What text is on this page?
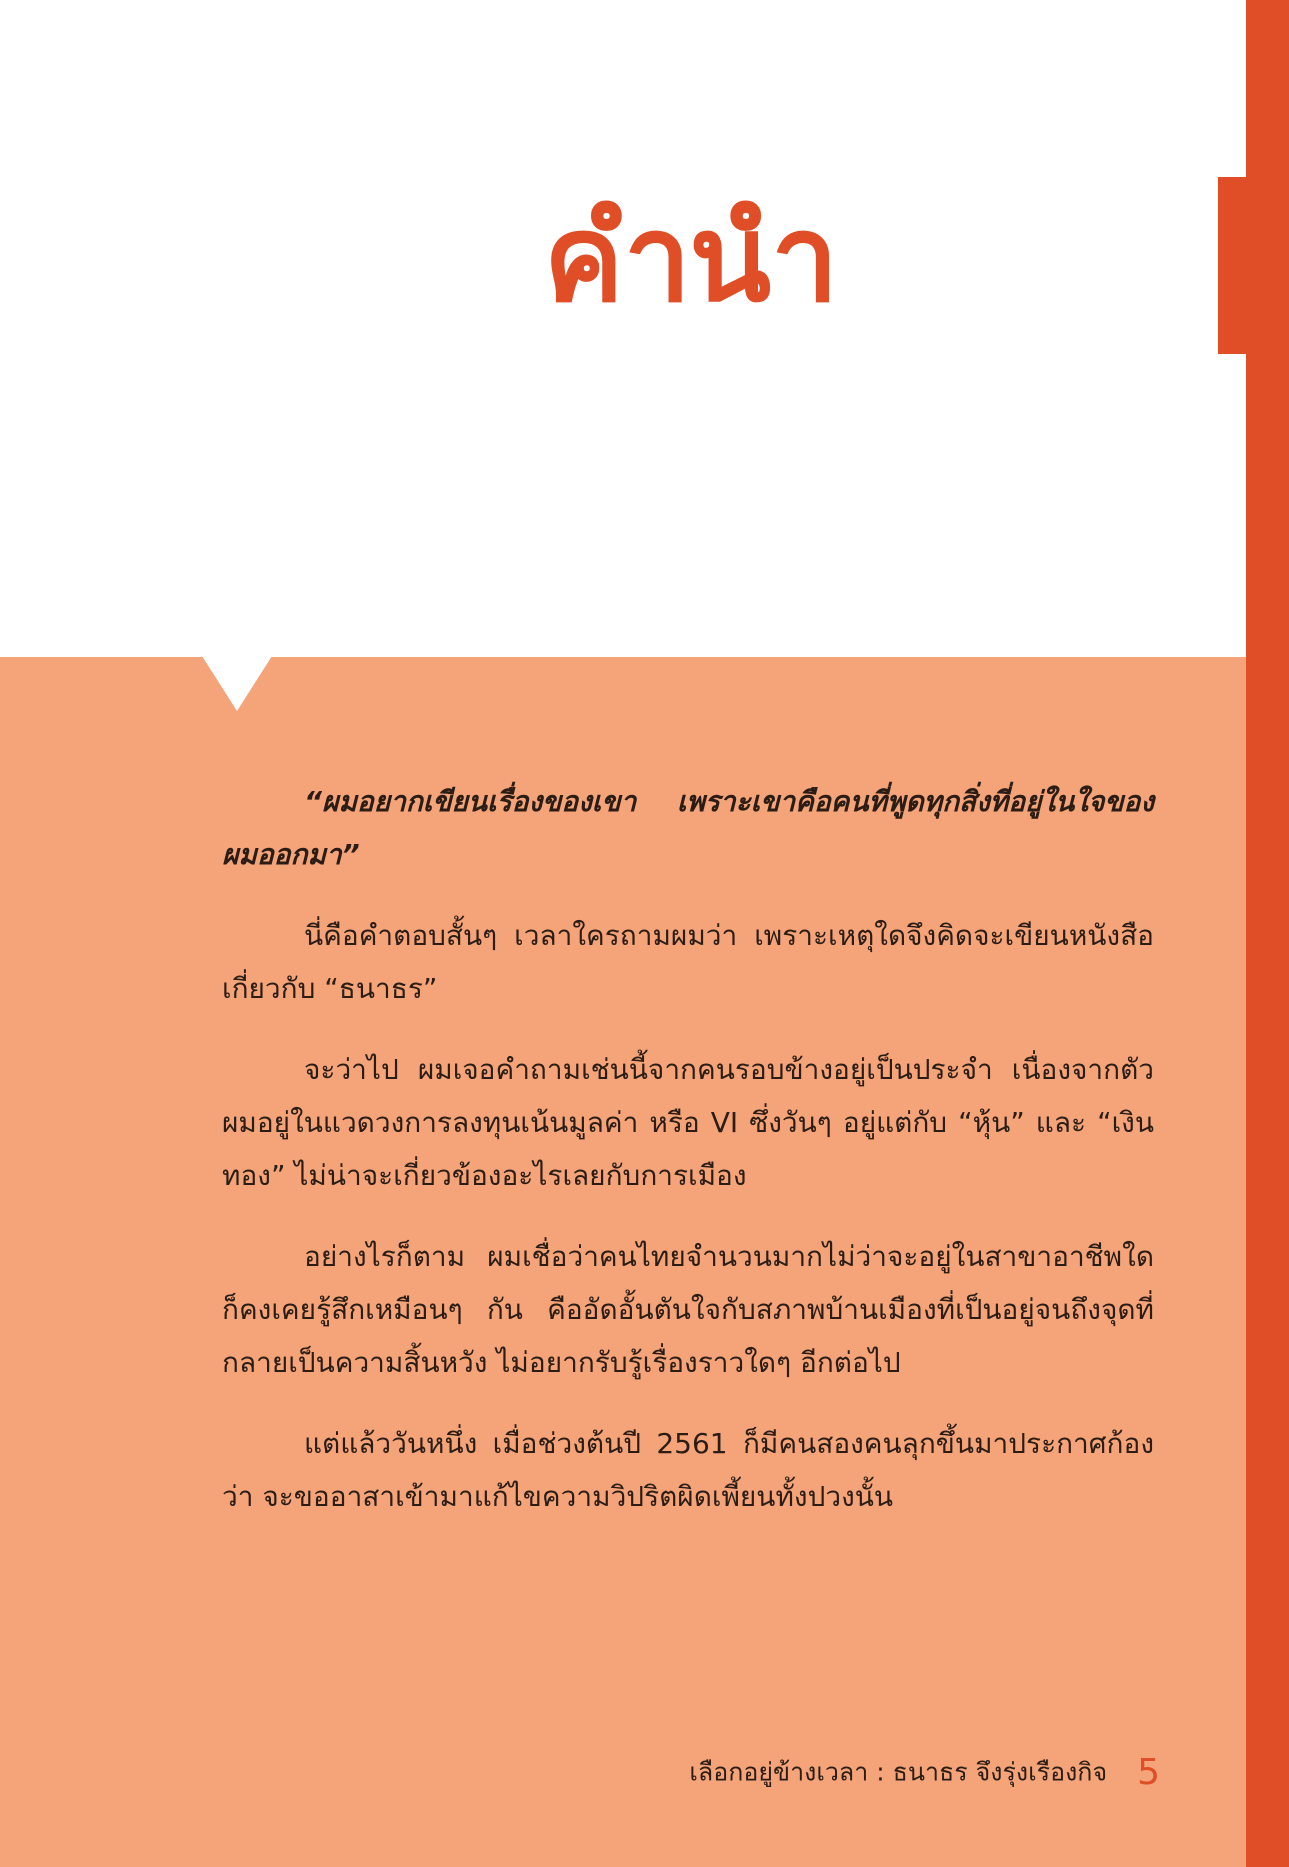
คำนำ

“ผมอยากเขียนเรื่องของเขา เพราะเขาคือคนที่พูดทุกสิ่งที่อยู่ในใจของผมออกมา”

นี่คือคำตอบสั้นๆ เวลาใครถามผมว่า เพราะเหตุใดจึงคิดจะเขียนหนังสือเกี่ยวกับ “ธนาธร”

จะว่าไป ผมเจอคำถามเช่นนี้จากคนรอบข้างอยู่เป็นประจำ เนื่องจากตัวผมอยู่ในแวดวงการลงทุนเน้นมูลค่า หรือ VI ซึ่งวันๆ อยู่แต่กับ “หุ้น” และ “เงินทอง” ไม่น่าจะเกี่ยวข้องอะไรเลยกับการเมือง

อย่างไรก็ตาม ผมเชื่อว่าคนไทยจำนวนมากไม่ว่าจะอยู่ในสาขาอาชีพใด ก็คงเคยรู้สึกเหมือนๆ กัน คืออัดอั้นตันใจกับสภาพบ้านเมืองที่เป็นอยู่จนถึงจุดที่กลายเป็นความสิ้นหวัง ไม่อยากรับรู้เรื่องราวใดๆ อีกต่อไป

แต่แล้ววันหนึ่ง เมื่อช่วงต้นปี 2561 ก็มีคนสองคนลุกขึ้นมาประกาศก้องว่า จะขออาสาเข้ามาแก้ไขความวิปริตผิดเพี้ยนทั้งปวงนั้น

เลือกอยู่ข้างเวลา : ธนาธร จึงรุ่งเรืองกิจ 5
